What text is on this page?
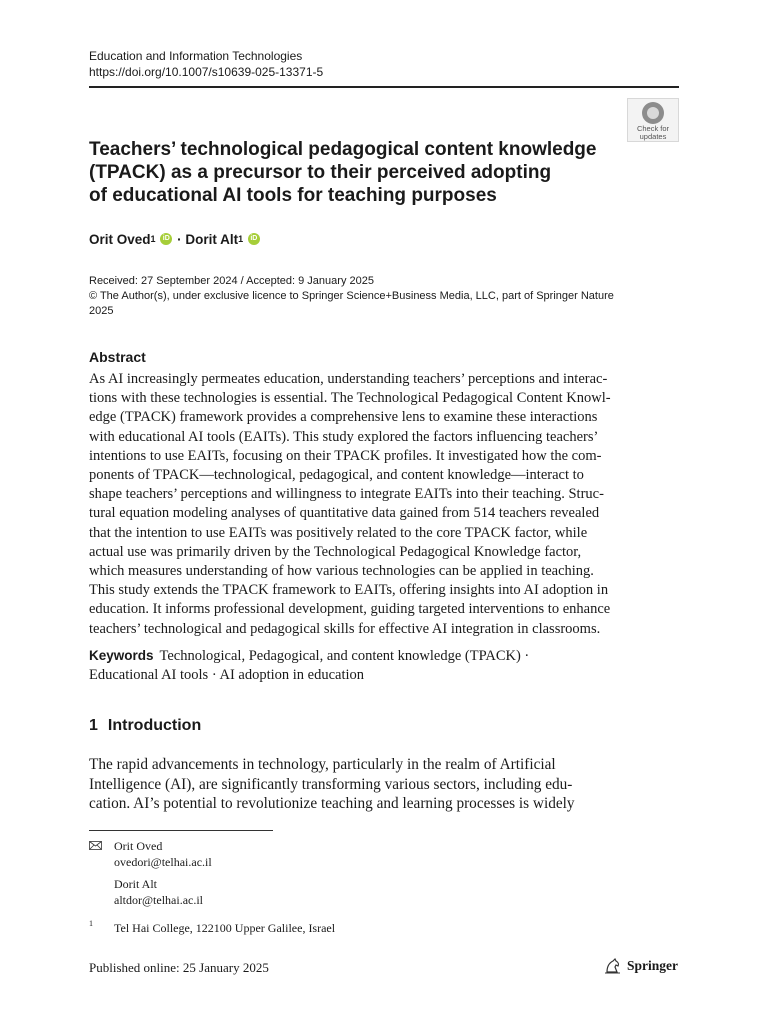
Education and Information Technologies
https://doi.org/10.1007/s10639-025-13371-5
Check for
updates
Teachers’ technological pedagogical content knowledge
(TPACK) as a precursor to their perceived adopting
of educational AI tools for teaching purposes
Orit Oved$^1$ iD · Dorit Alt$^1$ iD
Received: 27 September 2024 / Accepted: 9 January 2025
© The Author(s), under exclusive licence to Springer Science+Business Media, LLC, part of Springer Nature
2025
Abstract
As AI increasingly permeates education, understanding teachers’ perceptions and interac-
tions with these technologies is essential. The Technological Pedagogical Content Knowl-
edge (TPACK) framework provides a comprehensive lens to examine these interactions
with educational AI tools (EAITs). This study explored the factors influencing teachers’
intentions to use EAITs, focusing on their TPACK profiles. It investigated how the com-
ponents of TPACK—technological, pedagogical, and content knowledge—interact to
shape teachers’ perceptions and willingness to integrate EAITs into their teaching. Struc-
tural equation modeling analyses of quantitative data gained from 514 teachers revealed
that the intention to use EAITs was positively related to the core TPACK factor, while
actual use was primarily driven by the Technological Pedagogical Knowledge factor,
which measures understanding of how various technologies can be applied in teaching.
This study extends the TPACK framework to EAITs, offering insights into AI adoption in
education. It informs professional development, guiding targeted interventions to enhance
teachers’ technological and pedagogical skills for effective AI integration in classrooms.
Keywords Technological, Pedagogical, and content knowledge (TPACK) ·
Educational AI tools · AI adoption in education
1 Introduction
The rapid advancements in technology, particularly in the realm of Artificial
Intelligence (AI), are significantly transforming various sectors, including edu-
cation. AI’s potential to revolutionize teaching and learning processes is widely
Orit Oved
ovedori@telhai.ac.il
Dorit Alt
altdor@telhai.ac.il
1 Tel Hai College, 122100 Upper Galilee, Israel
Published online: 25 January 2025	Springer
